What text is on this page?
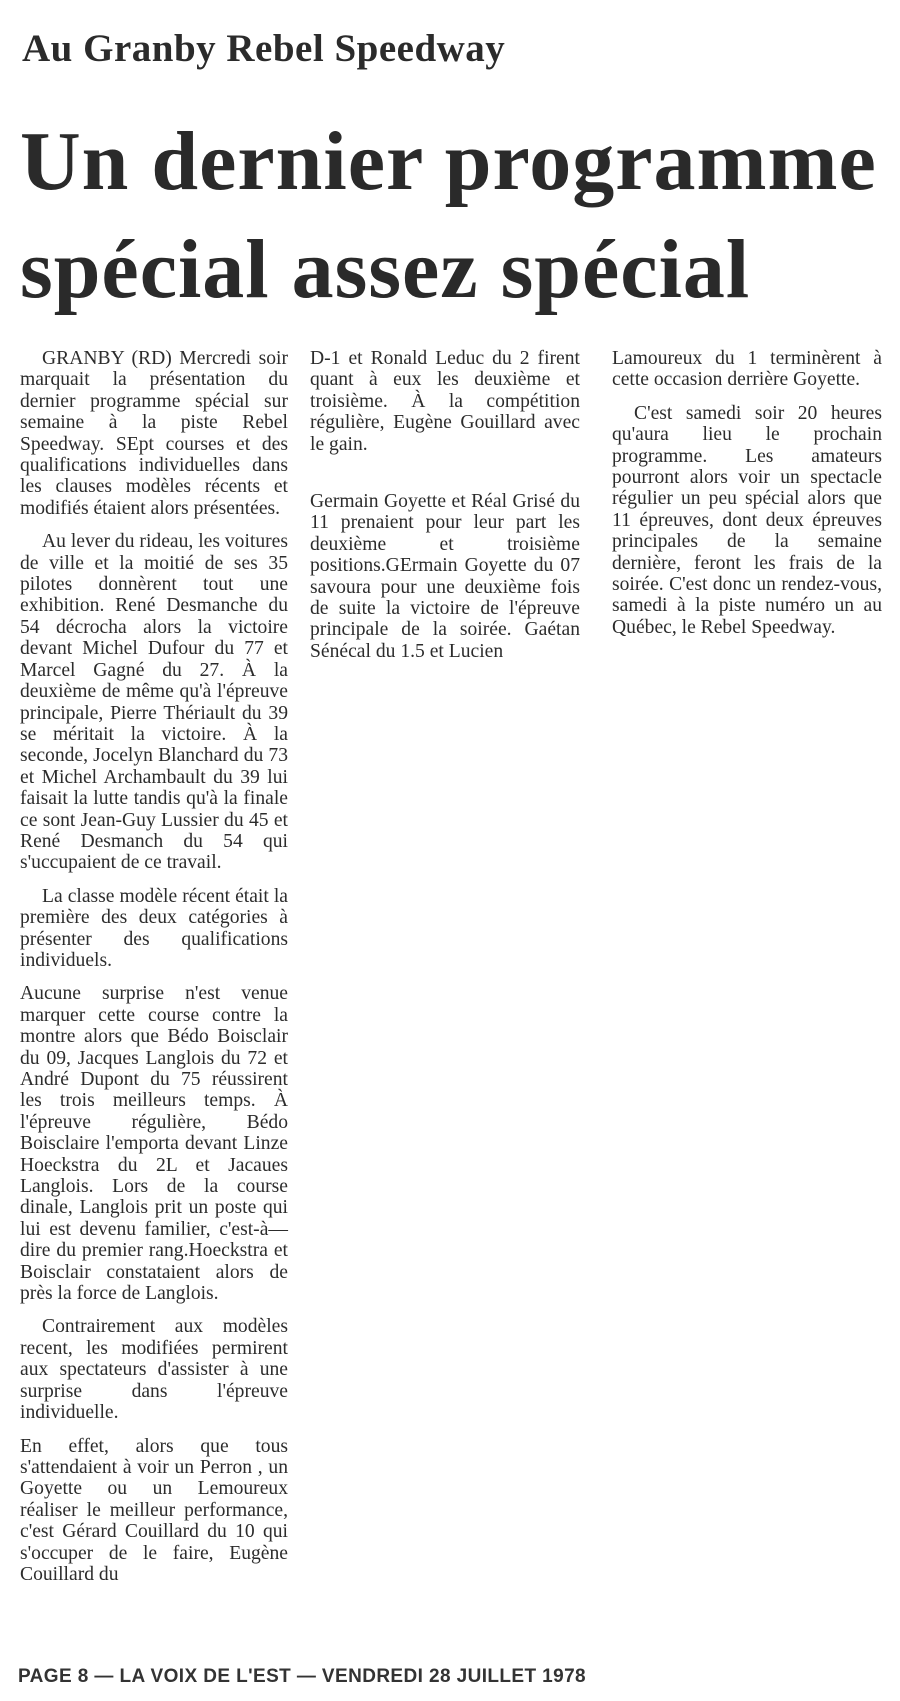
Au Granby Rebel Speedway
Un dernier programme
spécial assez spécial

GRANBY (RD) Mercredi soir marquait la présentation du dernier programme spécial sur semaine à la piste Rebel Speedway. SEpt courses et des qualifications individuelles dans les clauses modèles récents et modifiés étaient alors présentées.

Au lever du rideau, les voitures de ville et la moitié de ses 35 pilotes donnèrent tout une exhibition. René Desmanche du 54 décrocha alors la victoire devant Michel Dufour du 77 et Marcel Gagné du 27. À la deuxième de même qu'à l'épreuve principale, Pierre Thériault du 39 se méritait la victoire. À la seconde, Jocelyn Blanchard du 73 et Michel Archambault du 39 lui faisait la lutte tandis qu'à la finale ce sont Jean-Guy Lussier du 45 et René Desmanch du 54 qui s'uccupaient de ce travail.

La classe modèle récent était la première des deux catégories à présenter des qualifications individuels.

Aucune surprise n'est venue marquer cette course contre la montre alors que Bédo Boisclair du 09, Jacques Langlois du 72 et André Dupont du 75 réussirent les trois meilleurs temps. À l'épreuve régulière, Bédo Boisclaire l'emporta devant Linze Hoeckstra du 2L et Jacaues Langlois. Lors de la course dinale, Langlois prit un poste qui lui est devenu familier, c'est-à— dire du premier rang.Hoeckstra et Boisclair constataient alors de près la force de Langlois.

Contrairement aux modèles recent, les modifiées permirent aux spectateurs d'assister à une surprise dans l'épreuve individuelle.

En effet, alors que tous s'attendaient à voir un Perron , un Goyette ou un Lemoureux réaliser le meilleur performance, c'est Gérard Couillard du 10 qui s'occuper de le faire, Eugène Couillard du

D-1 et Ronald Leduc du 2 firent quant à eux les deuxième et troisième. À la compétition régulière, Eugène Gouillard avec le gain.

Germain Goyette et Réal Grisé du 11 prenaient pour leur part les deuxième et troisième positions.GErmain Goyette du 07 savoura pour une deuxième fois de suite la victoire de l'épreuve principale de la soirée. Gaétan Sénécal du 1.5 et Lucien

Lamoureux du 1 terminèrent à cette occasion derrière Goyette.

C'est samedi soir 20 heures qu'aura lieu le prochain programme. Les amateurs pourront alors voir un spectacle régulier un peu spécial alors que 11 épreuves, dont deux épreuves principales de la semaine dernière, feront les frais de la soirée. C'est donc un rendez-vous, samedi à la piste numéro un au Québec, le Rebel Speedway.

PAGE 8 — LA VOIX DE L'EST — VENDREDI 28 JUILLET 1978
